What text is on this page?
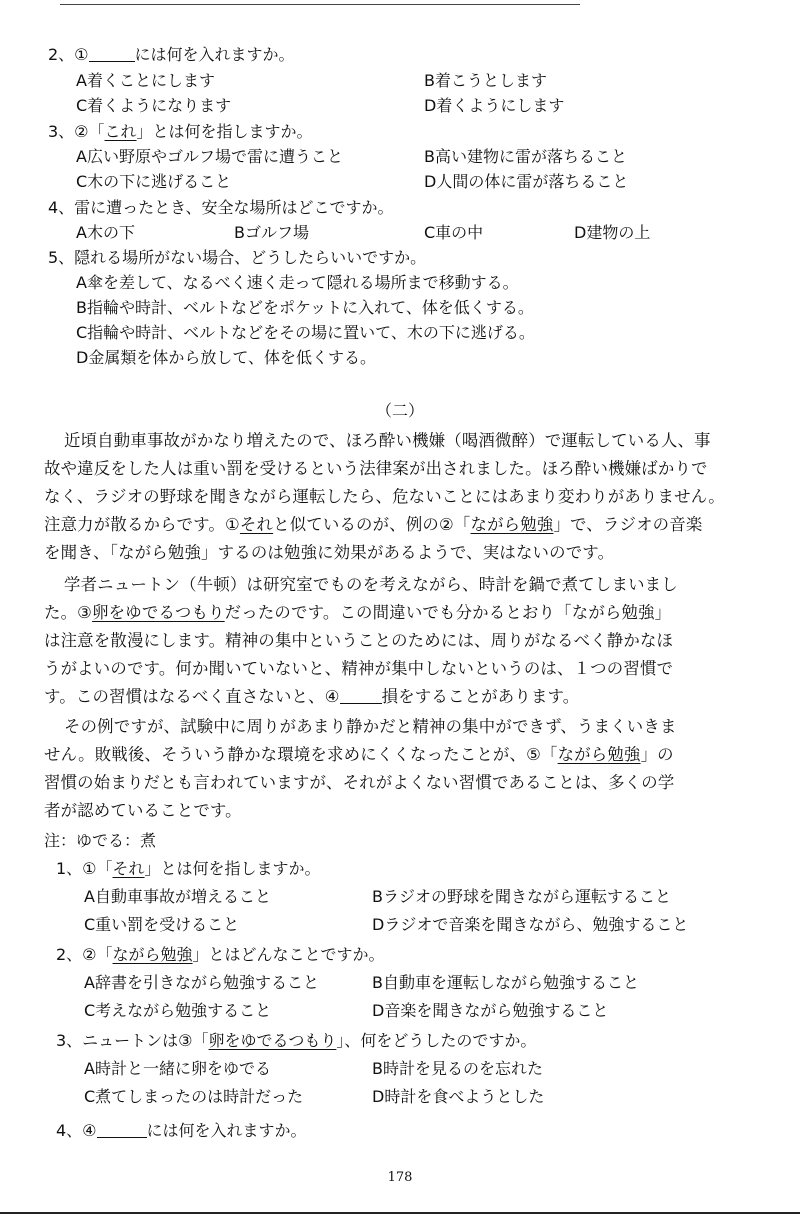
2、①	には何を入れますか。
A着くことにします	B着こうとします
C着くようになります	D着くようにします
3、②「これ」とは何を指しますか。
A広い野原やゴルフ場で雷に遭うこと	B高い建物に雷が落ちること
C木の下に逃げること	D人間の体に雷が落ちること
4、雷に遭ったとき、安全な場所はどこですか。
A木の下	Bゴルフ場	C車の中	D建物の上
5、隠れる場所がない場合、どうしたらいいですか。
A傘を差して、なるべく速く走って隠れる場所まで移動する。
B指輪や時計、ベルトなどをポケットに入れて、体を低くする。
C指輪や時計、ベルトなどをその場に置いて、木の下に逃げる。
D金属類を体から放して、体を低くする。
（二）
近頃自動車事故がかなり増えたので、ほろ酔い機嫌（喝酒微醉）で運転している人、事
故や違反をした人は重い罰を受けるという法律案が出されました。ほろ酔い機嫌ばかりで
なく、ラジオの野球を聞きながら運転したら、危ないことにはあまり変わりがありません。
注意力が散るからです。①それと似ているのが、例の②「ながら勉強」で、ラジオの音楽
を聞き、「ながら勉強」するのは勉強に効果があるようで、実はないのです。
学者ニュートン（牛顿）は研究室でものを考えながら、時計を鍋で煮てしまいまし
た。③卵をゆでるつもりだったのです。この間違いでも分かるとおり「ながら勉強」
は注意を散漫にします。精神の集中ということのためには、周りがなるべく静かなほ
うがよいのです。何か聞いていないと、精神が集中しないというのは、１つの習慣で
す。この習慣はなるべく直さないと、④	損をすることがあります。
その例ですが、試験中に周りがあまり静かだと精神の集中ができず、うまくいきま
せん。敗戦後、そういう静かな環境を求めにくくなったことが、⑤「ながら勉強」の
習慣の始まりだとも言われていますが、それがよくない習慣であることは、多くの学
者が認めていることです。
注：ゆでる：煮
1、①「それ」とは何を指しますか。
A自動車事故が増えること	Bラジオの野球を聞きながら運転すること
C重い罰を受けること	Dラジオで音楽を聞きながら、勉強すること
2、②「ながら勉強」とはどんなことですか。
A辞書を引きながら勉強すること	B自動車を運転しながら勉強すること
C考えながら勉強すること	D音楽を聞きながら勉強すること
3、ニュートンは③「卵をゆでるつもり」、何をどうしたのですか。
A時計と一緒に卵をゆでる	B時計を見るのを忘れた
C煮てしまったのは時計だった	D時計を食べようとした
4、④	には何を入れますか。
178
